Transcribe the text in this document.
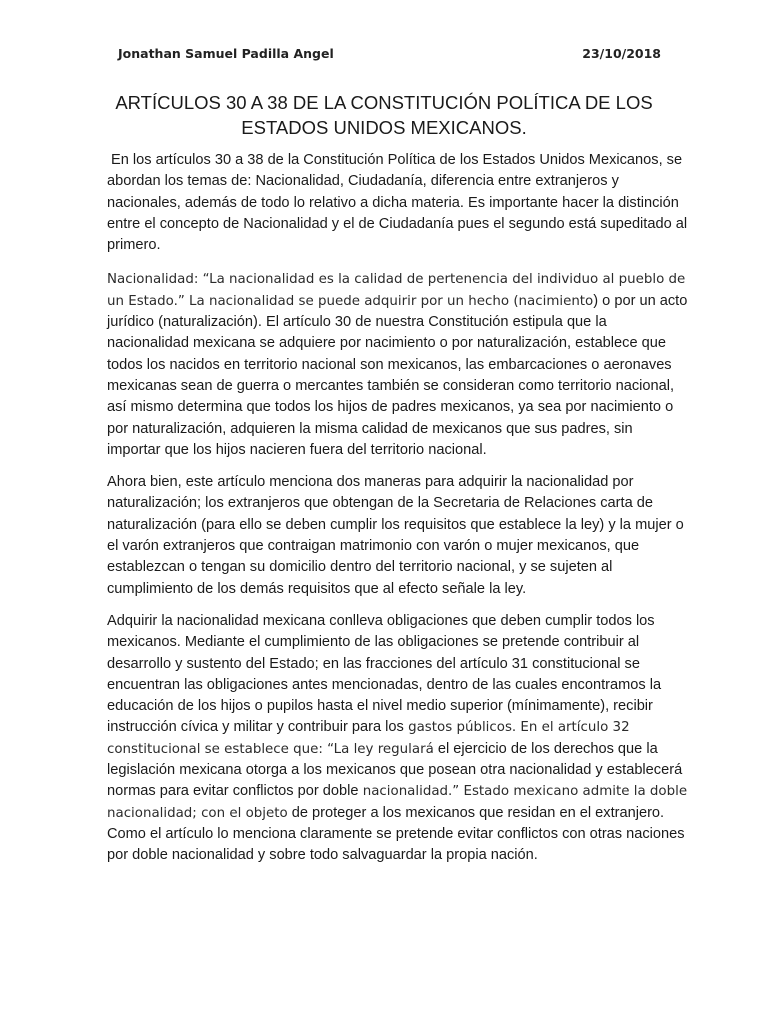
Jonathan Samuel Padilla Angel	23/10/2018
ARTÍCULOS 30 A 38 DE LA CONSTITUCIÓN POLÍTICA DE LOS
ESTADOS UNIDOS MEXICANOS.

En los artículos 30 a 38 de la Constitución Política de los Estados Unidos Mexicanos, se abordan los temas de: Nacionalidad, Ciudadanía, diferencia entre extranjeros y nacionales, además de todo lo relativo a dicha materia. Es importante hacer la distinción entre el concepto de Nacionalidad y el de Ciudadanía pues el segundo está supeditado al primero.

Nacionalidad: “La nacionalidad es la calidad de pertenencia del individuo al pueblo de un Estado.” La nacionalidad se puede adquirir por un hecho (nacimiento) o por un acto jurídico (naturalización). El artículo 30 de nuestra Constitución estipula que la nacionalidad mexicana se adquiere por nacimiento o por naturalización, establece que todos los nacidos en territorio nacional son mexicanos, las embarcaciones o aeronaves mexicanas sean de guerra o mercantes también se consideran como territorio nacional, así mismo determina que todos los hijos de padres mexicanos, ya sea por nacimiento o por naturalización, adquieren la misma calidad de mexicanos que sus padres, sin importar que los hijos nacieren fuera del territorio nacional.

Ahora bien, este artículo menciona dos maneras para adquirir la nacionalidad por naturalización; los extranjeros que obtengan de la Secretaria de Relaciones carta de naturalización (para ello se deben cumplir los requisitos que establece la ley) y la mujer o el varón extranjeros que contraigan matrimonio con varón o mujer mexicanos, que establezcan o tengan su domicilio dentro del territorio nacional, y se sujeten al cumplimiento de los demás requisitos que al efecto señale la ley.

Adquirir la nacionalidad mexicana conlleva obligaciones que deben cumplir todos los mexicanos. Mediante el cumplimiento de las obligaciones se pretende contribuir al desarrollo y sustento del Estado; en las fracciones del artículo 31 constitucional se encuentran las obligaciones antes mencionadas, dentro de las cuales encontramos la educación de los hijos o pupilos hasta el nivel medio superior (mínimamente), recibir instrucción cívica y militar y contribuir para los gastos públicos. En el artículo 32 constitucional se establece que: “La ley regulará el ejercicio de los derechos que la legislación mexicana otorga a los mexicanos que posean otra nacionalidad y establecerá normas para evitar conflictos por doble nacionalidad.” Estado mexicano admite la doble nacionalidad; con el objeto de proteger a los mexicanos que residan en el extranjero. Como el artículo lo menciona claramente se pretende evitar conflictos con otras naciones por doble nacionalidad y sobre todo salvaguardar la propia nación.
